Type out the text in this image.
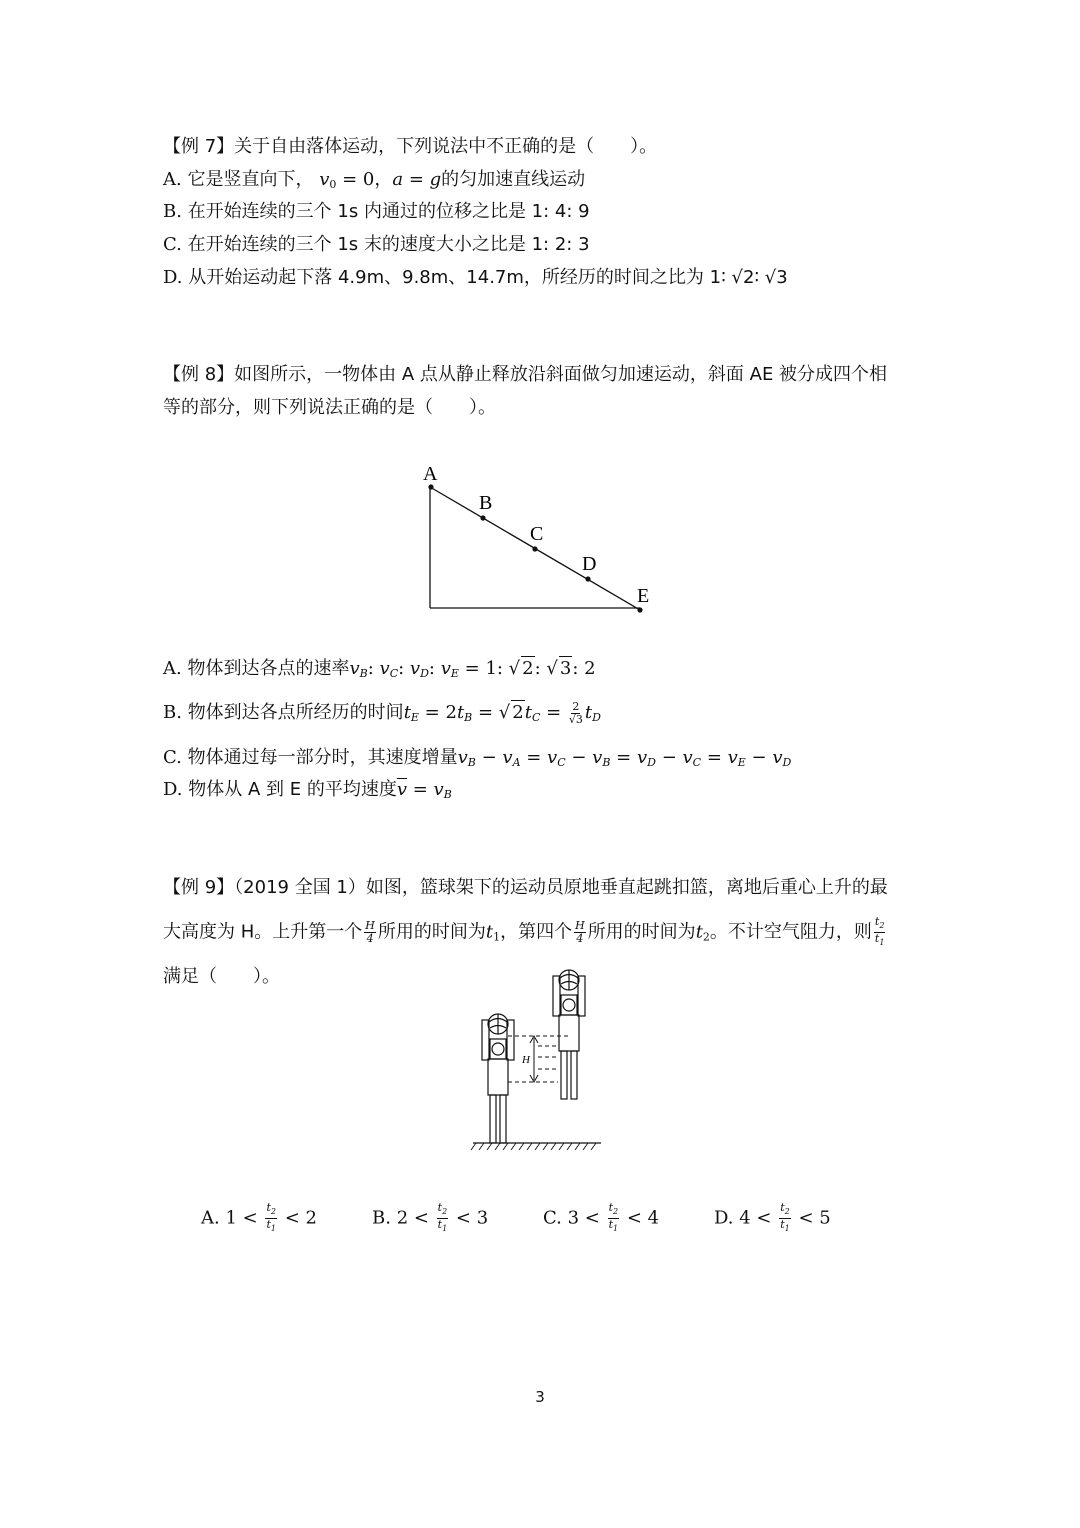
【例 7】关于自由落体运动，下列说法中不正确的是（　　）。
A. 它是竖直向下， $v_0 = 0$，a = g的匀加速直线运动
B. 在开始连续的三个 1s 内通过的位移之比是 1: 4: 9
C. 在开始连续的三个 1s 末的速度大小之比是 1: 2: 3
D. 从开始运动起下落 4.9m、9.8m、14.7m，所经历的时间之比为 1∶ √2∶ √3
【例 8】如图所示，一物体由 A 点从静止释放沿斜面做匀加速运动，斜面 AE 被分成四个相
等的部分，则下列说法正确的是（　　）。
A
B
C
D
E
A. 物体到达各点的速率$v_B$: $v_C$: $v_D$: $v_E = 1$: √ 2: √ 3: 2
B. 物体到达各点所经历的时间$t_E = 2t_B$ = √ $2t_C = \frac{2}{√3} t_D$
C. 物体通过每一部分时，其速度增量$v_B - v_A = v_C - v_B = v_D - v_C = v_E - v_D$
D. 物体从 A 到 E 的平均速度$\overline{v} = v_B$
【例 9】（2019 全国 1）如图，篮球架下的运动员原地垂直起跳扣篮，离地后重心上升的最
大高度为 H。上升第一个 $\frac{H}{4}$ 所用的时间为$t_1$，第四个 $\frac{H}{4}$ 所用的时间为$t_2$。不计空气阻力，则 $\frac{t_2}{t_1}$
满足（　　）。
H
A. $1 < \frac{t_2}{t_1} < 2$	B. $2 < \frac{t_2}{t_1} < 3$	C. $3 < \frac{t_2}{t_1} < 4$	D. $4 < \frac{t_2}{t_1} < 5$
3
